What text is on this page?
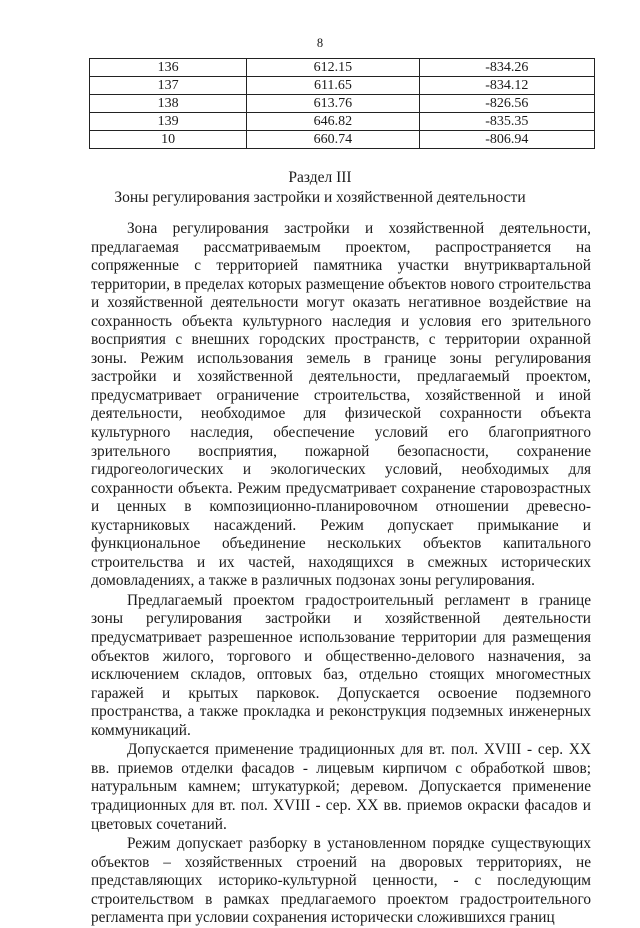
8
136	612.15	-834.26
137	611.65	-834.12
138	613.76	-826.56
139	646.82	-835.35
10	660.74	-806.94
Раздел III
Зоны регулирования застройки и хозяйственной деятельности

Зона регулирования застройки и хозяйственной деятельности, предлагаемая рассматриваемым проектом, распространяется на сопряженные с территорией памятника участки внутриквартальной территории, в пределах которых размещение объектов нового строительства и хозяйственной деятельности могут оказать негативное воздействие на сохранность объекта культурного наследия и условия его зрительного восприятия с внешних городских пространств, с территории охранной зоны. Режим использования земель в границе зоны регулирования застройки и хозяйственной деятельности, предлагаемый проектом, предусматривает ограничение строительства, хозяйственной и иной деятельности, необходимое для физической сохранности объекта культурного наследия, обеспечение условий его благоприятного зрительного восприятия, пожарной безопасности, сохранение гидрогеологических и экологических условий, необходимых для сохранности объекта. Режим предусматривает сохранение старовозрастных и ценных в композиционно-планировочном отношении древесно-кустарниковых насаждений. Режим допускает примыкание и функциональное объединение нескольких объектов капитального строительства и их частей, находящихся в смежных исторических домовладениях, а также в различных подзонах зоны регулирования.

Предлагаемый проектом градостроительный регламент в границе зоны регулирования застройки и хозяйственной деятельности предусматривает разрешенное использование территории для размещения объектов жилого, торгового и общественно-делового назначения, за исключением складов, оптовых баз, отдельно стоящих многоместных гаражей и крытых парковок. Допускается освоение подземного пространства, а также прокладка и реконструкция подземных инженерных коммуникаций.

Допускается применение традиционных для вт. пол. XVIII - сер. XX вв. приемов отделки фасадов - лицевым кирпичом с обработкой швов; натуральным камнем; штукатуркой; деревом. Допускается применение традиционных для вт. пол. XVIII - сер. XX вв. приемов окраски фасадов и цветовых сочетаний.

Режим допускает разборку в установленном порядке существующих объектов – хозяйственных строений на дворовых территориях, не представляющих историко-культурной ценности, - с последующим строительством в рамках предлагаемого проектом градостроительного регламента при условии сохранения исторически сложившихся границ
